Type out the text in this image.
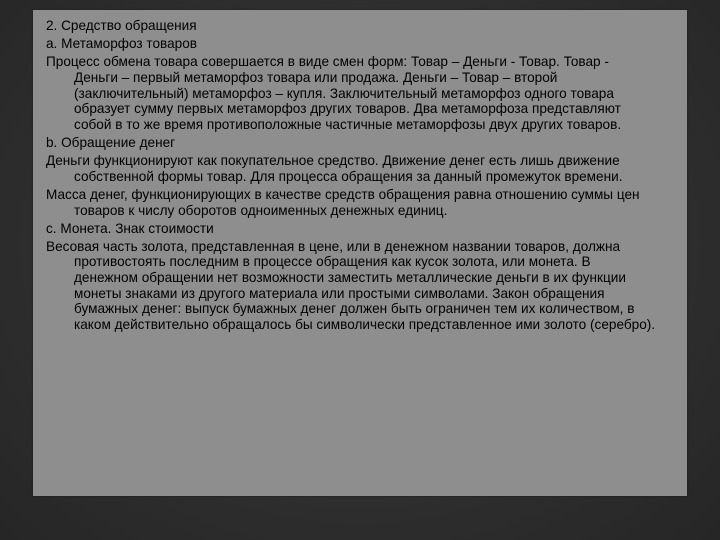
2. Средство обращения

a. Метаморфоз товаров

Процесс обмена товара совершается в виде смен форм: Товар – Деньги - Товар. Товар - Деньги – первый метаморфоз товара или продажа. Деньги – Товар – второй (заключительный) метаморфоз – купля. Заключительный метаморфоз одного товара образует сумму первых метаморфоз других товаров. Два метаморфоза представляют собой в то же время противоположные частичные метаморфозы двух других товаров.

b. Обращение денег

Деньги функционируют как покупательное средство. Движение денег есть лишь движение собственной формы товар. Для процесса обращения за данный промежуток времени.

Масса денег, функционирующих в качестве средств обращения равна отношению суммы цен товаров к числу оборотов одноименных денежных единиц.

c. Монета. Знак стоимости

Весовая часть золота, представленная в цене, или в денежном названии товаров, должна противостоять последним в процессе обращения как кусок золота, или монета. В денежном обращении нет возможности заместить металлические деньги в их функции монеты знаками из другого материала или простыми символами. Закон обращения бумажных денег: выпуск бумажных денег должен быть ограничен тем их количеством, в каком действительно обращалось бы символически представленное ими золото (серебро).
